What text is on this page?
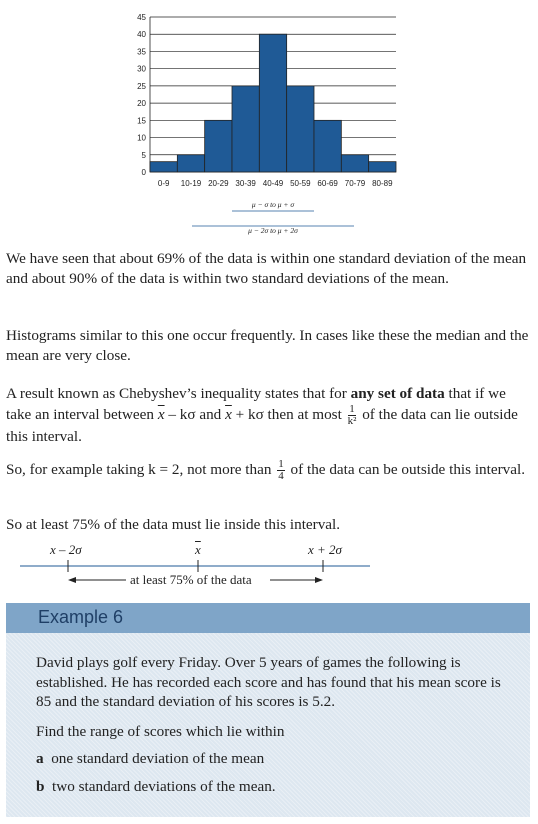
0
5
10
15
20
25
30
35
40
45
0-9 10-19 20-29 30-39 40-49 50-59 60-69 70-79 80-89
μ − σ to μ + σ
μ − 2σ to μ + 2σ

We have seen that about 69% of the data is within one standard deviation of the mean and about 90% of the data is within two standard deviations of the mean.

Histograms similar to this one occur frequently. In cases like these the median and the mean are very close.

A result known as Chebyshev’s inequality states that for any set of data that if we take an interval between $\overline{x}$ – kσ and $\overline{x} + k\sigma$ then at most $\frac{1}{\text{k²}}$ of the data can lie outside this interval.

So, for example taking k = 2, not more than $\frac{1}{4}$ of the data can be outside this interval.

So at least 75% of the data must lie inside this interval.

x – 2σ	$\overline{x}$	x + 2σ
at least 75% of the data
Example 6

David plays golf every Friday. Over 5 years of games the following is established. He has recorded each score and has found that his mean score is 85 and the standard deviation of his scores is 5.2.

Find the range of scores which lie within

a one standard deviation of the mean

b two standard deviations of the mean.
